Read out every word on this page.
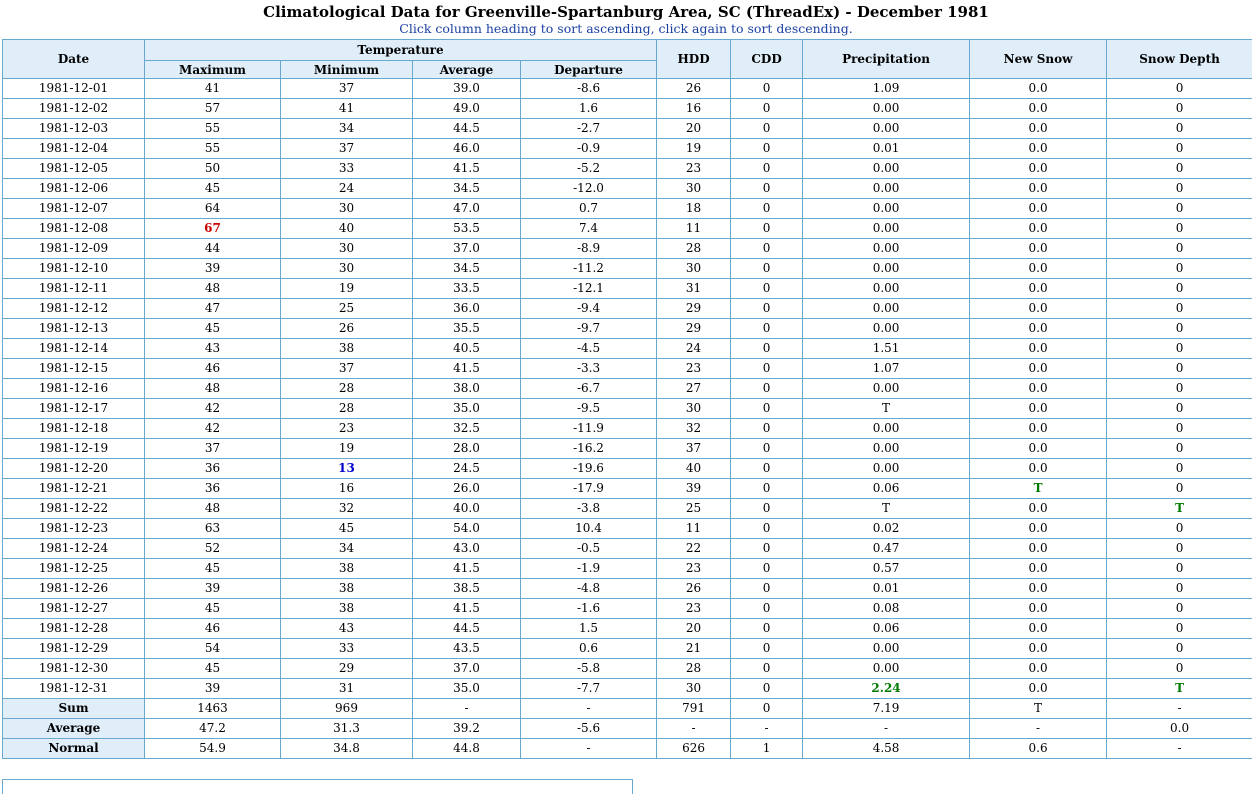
Climatological Data for Greenville-Spartanburg Area, SC (ThreadEx) - December 1981
Click column heading to sort ascending, click again to sort descending.
Date	Temperature				HDD	CDD	Precipitation	New Snow	Snow Depth
	Maximum	Minimum	Average	Departure					
1981-12-01	41	37	39.0	-8.6	26	0	1.09	0.0	0
1981-12-02	57	41	49.0	1.6	16	0	0.00	0.0	0
1981-12-03	55	34	44.5	-2.7	20	0	0.00	0.0	0
1981-12-04	55	37	46.0	-0.9	19	0	0.01	0.0	0
1981-12-05	50	33	41.5	-5.2	23	0	0.00	0.0	0
1981-12-06	45	24	34.5	-12.0	30	0	0.00	0.0	0
1981-12-07	64	30	47.0	0.7	18	0	0.00	0.0	0
1981-12-08	67	40	53.5	7.4	11	0	0.00	0.0	0
1981-12-09	44	30	37.0	-8.9	28	0	0.00	0.0	0
1981-12-10	39	30	34.5	-11.2	30	0	0.00	0.0	0
1981-12-11	48	19	33.5	-12.1	31	0	0.00	0.0	0
1981-12-12	47	25	36.0	-9.4	29	0	0.00	0.0	0
1981-12-13	45	26	35.5	-9.7	29	0	0.00	0.0	0
1981-12-14	43	38	40.5	-4.5	24	0	1.51	0.0	0
1981-12-15	46	37	41.5	-3.3	23	0	1.07	0.0	0
1981-12-16	48	28	38.0	-6.7	27	0	0.00	0.0	0
1981-12-17	42	28	35.0	-9.5	30	0	T	0.0	0
1981-12-18	42	23	32.5	-11.9	32	0	0.00	0.0	0
1981-12-19	37	19	28.0	-16.2	37	0	0.00	0.0	0
1981-12-20	36	13	24.5	-19.6	40	0	0.00	0.0	0
1981-12-21	36	16	26.0	-17.9	39	0	0.06	T	0
1981-12-22	48	32	40.0	-3.8	25	0	T	0.0	T
1981-12-23	63	45	54.0	10.4	11	0	0.02	0.0	0
1981-12-24	52	34	43.0	-0.5	22	0	0.47	0.0	0
1981-12-25	45	38	41.5	-1.9	23	0	0.57	0.0	0
1981-12-26	39	38	38.5	-4.8	26	0	0.01	0.0	0
1981-12-27	45	38	41.5	-1.6	23	0	0.08	0.0	0
1981-12-28	46	43	44.5	1.5	20	0	0.06	0.0	0
1981-12-29	54	33	43.5	0.6	21	0	0.00	0.0	0
1981-12-30	45	29	37.0	-5.8	28	0	0.00	0.0	0
1981-12-31	39	31	35.0	-7.7	30	0	2.24	0.0	T
Sum	1463	969	-	-	791	0	7.19	T	-
Average	47.2	31.3	39.2	-5.6	-	-	-	-	0.0
Normal	54.9	34.8	44.8	-	626	1	4.58	0.6	-
